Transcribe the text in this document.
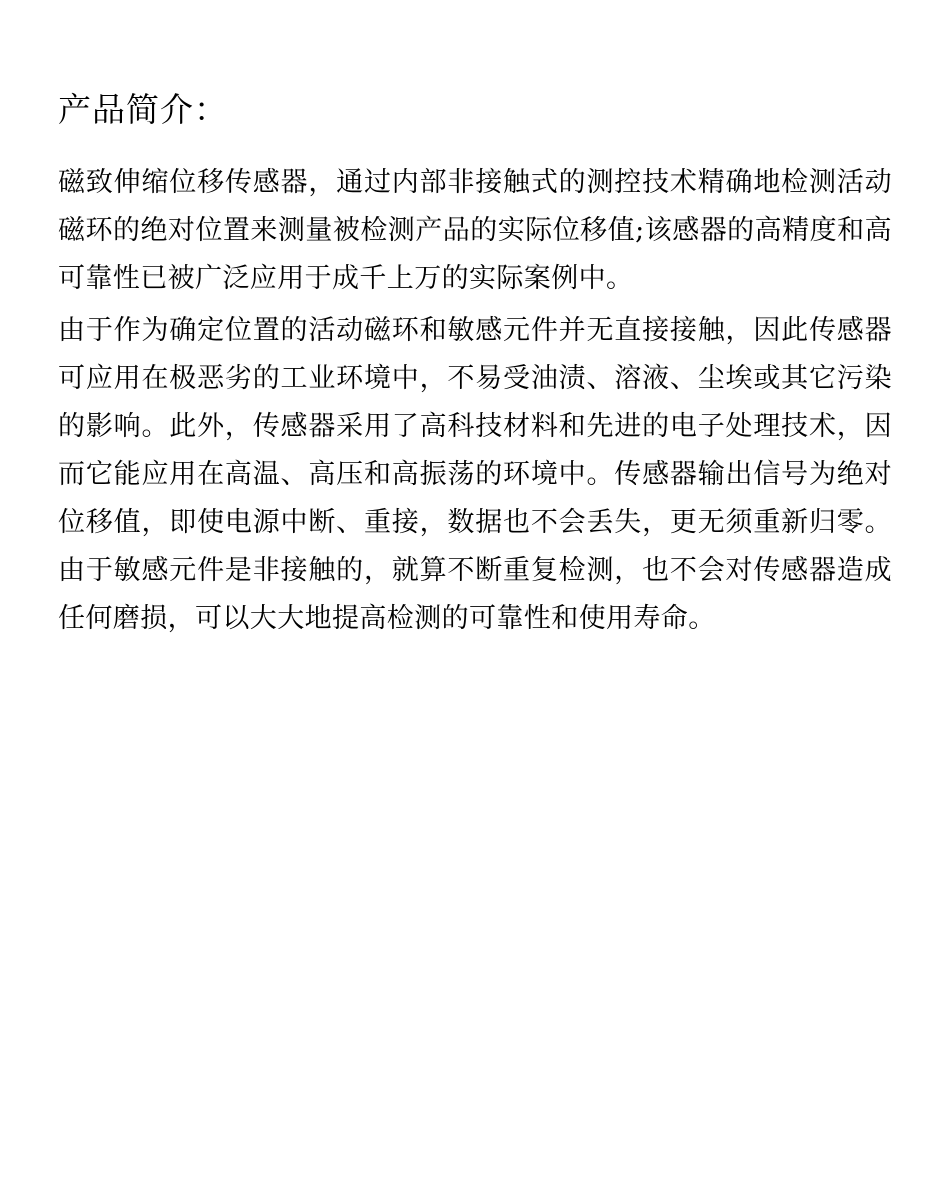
产品简介：

磁致伸缩位移传感器，通过内部非接触式的测控技术精确地检测活动磁环的绝对位置来测量被检测产品的实际位移值;该感器的高精度和高可靠性已被广泛应用于成千上万的实际案例中。

由于作为确定位置的活动磁环和敏感元件并无直接接触，因此传感器可应用在极恶劣的工业环境中，不易受油渍、溶液、尘埃或其它污染的影响。此外，传感器采用了高科技材料和先进的电子处理技术，因而它能应用在高温、高压和高振荡的环境中。传感器输出信号为绝对位移值，即使电源中断、重接，数据也不会丢失，更无须重新归零。由于敏感元件是非接触的，就算不断重复检测，也不会对传感器造成任何磨损，可以大大地提高检测的可靠性和使用寿命。
